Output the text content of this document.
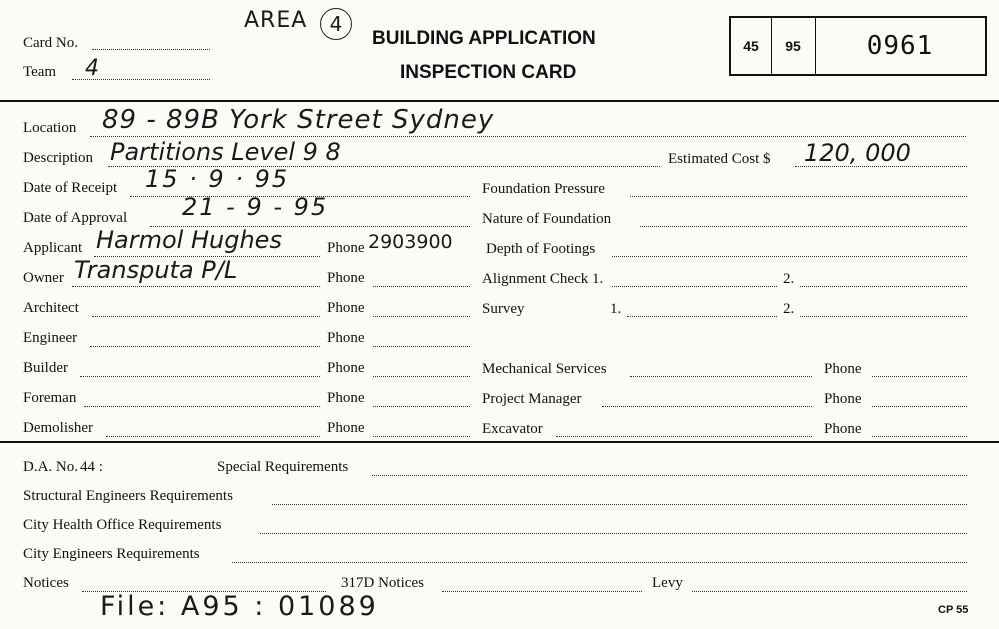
Card No.
Team 4
AREA	4
BUILDING APPLICATION
INSPECTION CARD
45	95	0961
Location 89 - 89B York Street Sydney
Description Partitions Level 9 8	Estimated Cost $ 120, 000
Date of Receipt 15 · 9 · 95	Foundation Pressure
Date of Approval 21 - 9 - 95	Nature of Foundation
Applicant Harmol Hughes	Phone 2903900 Depth of Footings
Owner Transputa P/L	Phone	Alignment Check 1.	2.
Architect	Phone	Survey	1.	2.
Engineer	Phone
Builder	Phone	Mechanical Services	Phone
Foreman	Phone	Project Manager	Phone
Demolisher	Phone	Excavator	Phone
D.A. No. 44 :	Special Requirements
Structural Engineers Requirements
City Health Office Requirements
City Engineers Requirements
Notices	317D Notices	Levy
File: A95 : 01089	CP 55
